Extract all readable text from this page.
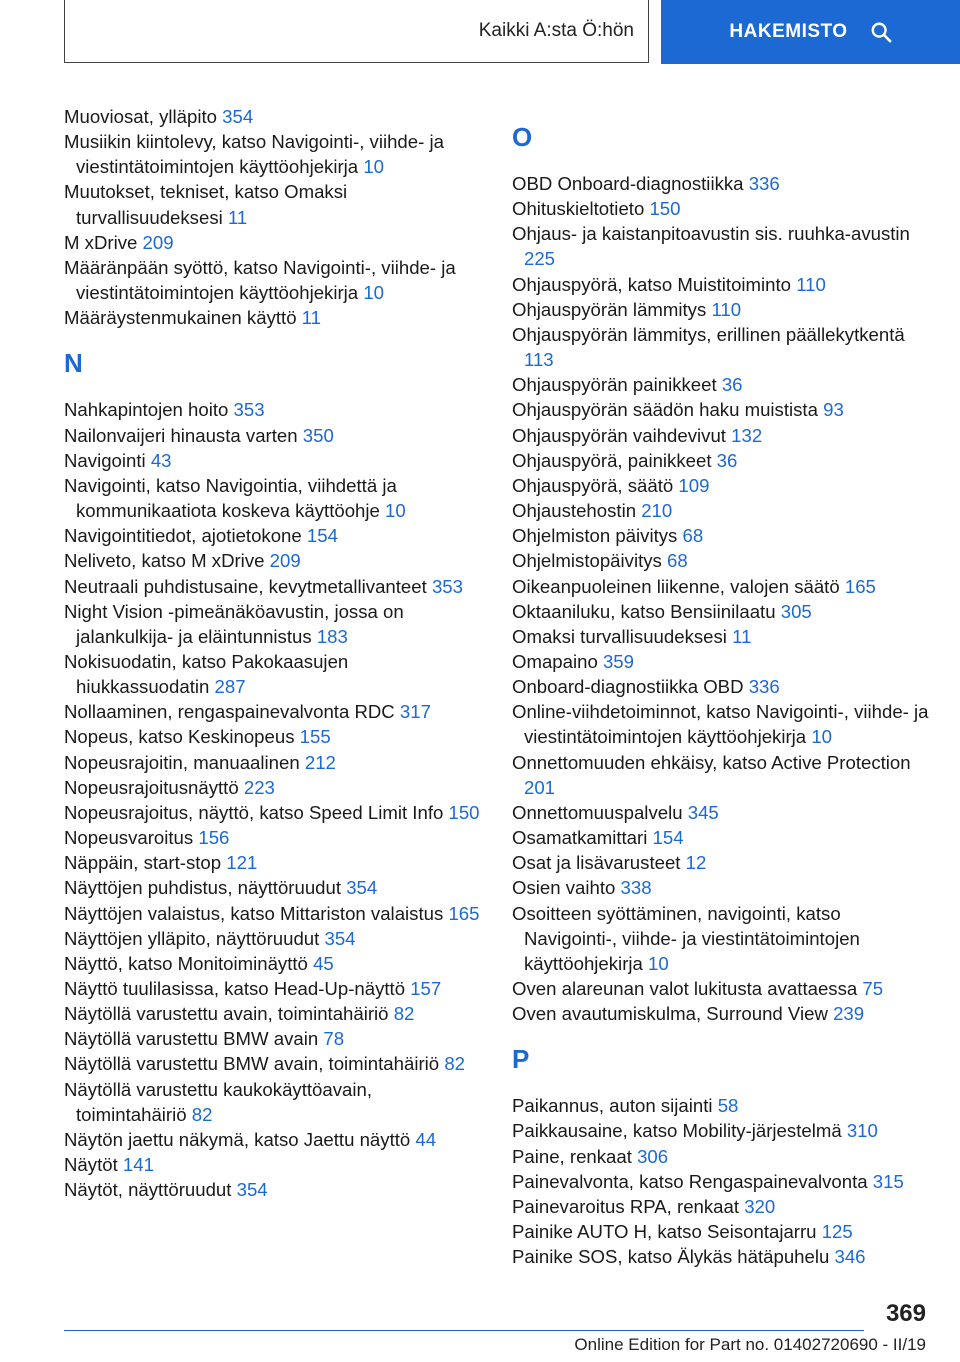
Kaikki A:sta Ö:hön	HAKEMISTO

Muoviosat, ylläpito 354

Musiikin kiintolevy, katso Navigointi-, viihde- ja viestintätoimintojen käyttöohjekirja 10

Muutokset, tekniset, katso Omaksi turvallisuudeksesi 11

M xDrive 209

Määränpään syöttö, katso Navigointi-, viihde- ja viestintätoimintojen käyttöohjekirja 10

Määräystenmukainen käyttö 11

N

Nahkapintojen hoito 353

Nailonvaijeri hinausta varten 350

Navigointi 43

Navigointi, katso Navigointia, viihdettä ja kommunikaatiota koskeva käyttöohje 10

Navigointitiedot, ajotietokone 154

Neliveto, katso M xDrive 209

Neutraali puhdistusaine, kevytmetallivanteet 353

Night Vision -pimeänäköavustin, jossa on jalankulkija- ja eläintunnistus 183

Nokisuodatin, katso Pakokaasujen hiukkassuodatin 287

Nollaaminen, rengaspainevalvonta RDC 317

Nopeus, katso Keskinopeus 155

Nopeusrajoitin, manuaalinen 212

Nopeusrajoitusnäyttö 223

Nopeusrajoitus, näyttö, katso Speed Limit Info 150

Nopeusvaroitus 156

Näppäin, start-stop 121

Näyttöjen puhdistus, näyttöruudut 354

Näyttöjen valaistus, katso Mittariston valaistus 165

Näyttöjen ylläpito, näyttöruudut 354

Näyttö, katso Monitoiminäyttö 45

Näyttö tuulilasissa, katso Head-Up-näyttö 157

Näytöllä varustettu avain, toimintahäiriö 82

Näytöllä varustettu BMW avain 78

Näytöllä varustettu BMW avain, toimintahäiriö 82

Näytöllä varustettu kaukokäyttöavain, toimintahäiriö 82

Näytön jaettu näkymä, katso Jaettu näyttö 44

Näytöt 141

Näytöt, näyttöruudut 354

O

OBD Onboard-diagnostiikka 336

Ohituskieltotieto 150

Ohjaus- ja kaistanpitoavustin sis. ruuhka-avustin 225

Ohjauspyörä, katso Muistitoiminto 110

Ohjauspyörän lämmitys 110

Ohjauspyörän lämmitys, erillinen päällekytkentä 113

Ohjauspyörän painikkeet 36

Ohjauspyörän säädön haku muistista 93

Ohjauspyörän vaihdevivut 132

Ohjauspyörä, painikkeet 36

Ohjauspyörä, säätö 109

Ohjaustehostin 210

Ohjelmiston päivitys 68

Ohjelmistopäivitys 68

Oikeanpuoleinen liikenne, valojen säätö 165

Oktaaniluku, katso Bensiinilaatu 305

Omaksi turvallisuudeksesi 11

Omapaino 359

Onboard-diagnostiikka OBD 336

Online-viihdetoiminnot, katso Navigointi-, viihde- ja viestintätoimintojen käyttöohjekirja 10

Onnettomuuden ehkäisy, katso Active Protection 201

Onnettomuuspalvelu 345

Osamatkamittari 154

Osat ja lisävarusteet 12

Osien vaihto 338

Osoitteen syöttäminen, navigointi, katso Navigointi-, viihde- ja viestintätoimintojen käyttöohjekirja 10

Oven alareunan valot lukitusta avattaessa 75

Oven avautumiskulma, Surround View 239

P

Paikannus, auton sijainti 58

Paikkausaine, katso Mobility-järjestelmä 310

Paine, renkaat 306

Painevalvonta, katso Rengaspainevalvonta 315

Painevaroitus RPA, renkaat 320

Painike AUTO H, katso Seisontajarru 125

Painike SOS, katso Älykäs hätäpuhelu 346

369
Online Edition for Part no. 01402720690 - II/19
